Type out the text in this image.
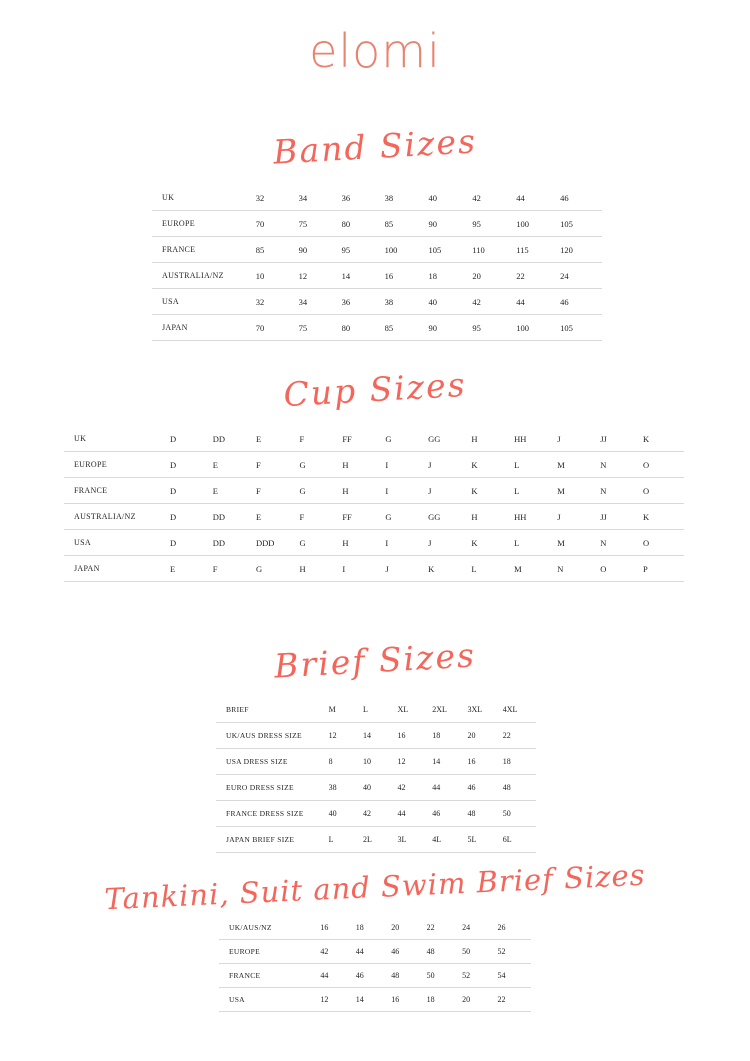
elomi
Band Sizes
UK	32	34	36	38	40	42	44	46
EUROPE	70	75	80	85	90	95	100	105
FRANCE	85	90	95	100	105	110	115	120
AUSTRALIA/NZ	10	12	14	16	18	20	22	24
USA	32	34	36	38	40	42	44	46
JAPAN	70	75	80	85	90	95	100	105
Cup Sizes
UK	D	DD	E	F	FF	G	GG	H	HH	J	JJ	K
EUROPE	D	E	F	G	H	I	J	K	L	M	N	O
FRANCE	D	E	F	G	H	I	J	K	L	M	N	O
AUSTRALIA/NZ	D	DD	E	F	FF	G	GG	H	HH	J	JJ	K
USA	D	DD	DDD	G	H	I	J	K	L	M	N	O
JAPAN	E	F	G	H	I	J	K	L	M	N	O	P
Brief Sizes
BRIEF	M	L	XL	2XL	3XL	4XL
UK/AUS DRESS SIZE	12	14	16	18	20	22
USA DRESS SIZE	8	10	12	14	16	18
EURO DRESS SIZE	38	40	42	44	46	48
FRANCE DRESS SIZE	40	42	44	46	48	50
JAPAN BRIEF SIZE	L	2L	3L	4L	5L	6L
Tankini, Suit and Swim Brief Sizes
UK/AUS/NZ	16	18	20	22	24	26
EUROPE	42	44	46	48	50	52
FRANCE	44	46	48	50	52	54
USA	12	14	16	18	20	22
